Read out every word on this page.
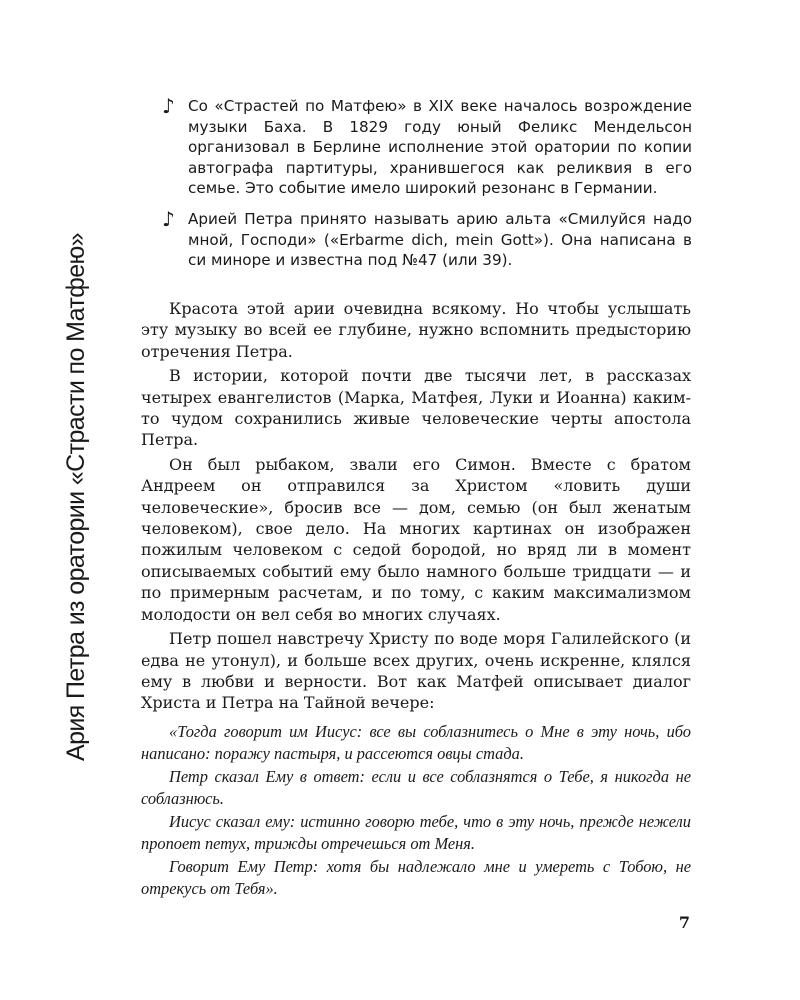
Ария Петра из оратории «Страсти по Матфею»
♪ Со «Страстей по Матфею» в XIX веке началось возрождение музыки Баха. В 1829 году юный Феликс Мендельсон организовал в Берлине исполнение этой оратории по копии автографа партитуры, хранившегося как реликвия в его семье. Это событие имело широкий резонанс в Германии.
♪ Арией Петра принято называть арию альта «Смилуйся надо мной, Господи» («Erbarme dich, mein Gott»). Она написана в си миноре и известна под №47 (или 39).

Красота этой арии очевидна всякому. Но чтобы услышать эту музыку во всей ее глубине, нужно вспомнить предысторию отречения Петра.

В истории, которой почти две тысячи лет, в рассказах четырех евангелистов (Марка, Матфея, Луки и Иоанна) каким-то чудом сохранились живые человеческие черты апостола Петра.

Он был рыбаком, звали его Симон. Вместе с братом Андреем он отправился за Христом «ловить души человеческие», бросив все — дом, семью (он был женатым человеком), свое дело. На многих картинах он изображен пожилым человеком с седой бородой, но вряд ли в момент описываемых событий ему было намного больше тридцати — и по примерным расчетам, и по тому, с каким максимализмом молодости он вел себя во многих случаях.

Петр пошел навстречу Христу по воде моря Галилейского (и едва не утонул), и больше всех других, очень искренне, клялся ему в любви и верности. Вот как Матфей описывает диалог Христа и Петра на Тайной вечере:

«Тогда говорит им Иисус: все вы соблазнитесь о Мне в эту ночь, ибо написано: поражу пастыря, и рассеются овцы стада.

Петр сказал Ему в ответ: если и все соблазнятся о Тебе, я никогда не соблазнюсь.

Иисус сказал ему: истинно говорю тебе, что в эту ночь, прежде нежели пропоет петух, трижды отречешься от Меня.

Говорит Ему Петр: хотя бы надлежало мне и умереть с Тобою, не отрекусь от Тебя».

7
